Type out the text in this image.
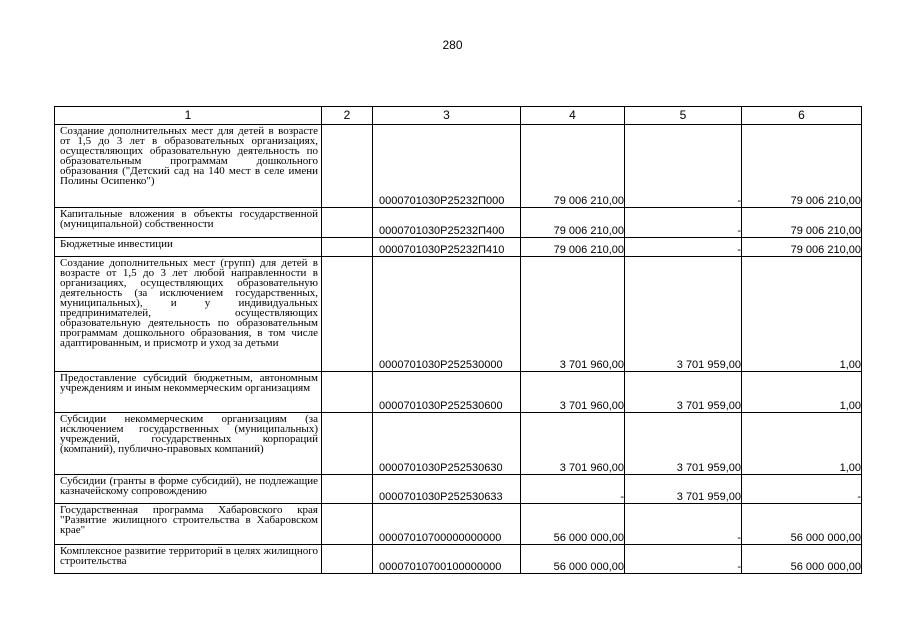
280
1	2	3	4	5	6
Создание дополнительных мест для детей в возрасте от 1,5 до 3 лет в образовательных организациях, осуществляющих образовательную деятельность по образовательным программам дошкольного образования ("Детский сад на 140 мест в селе имени Полины Осипенко")		0000701030P25232П000	79 006 210,00	-	79 006 210,00
Капитальные вложения в объекты государственной (муниципальной) собственности		0000701030P25232П400	79 006 210,00	-	79 006 210,00
Бюджетные инвестиции		0000701030P25232П410	79 006 210,00	-	79 006 210,00
Создание дополнительных мест (групп) для детей в возрасте от 1,5 до 3 лет любой направленности в организациях, осуществляющих образовательную деятельность (за исключением государственных, муниципальных), и у индивидуальных предпринимателей, осуществляющих образовательную деятельность по образовательным программам дошкольного образования, в том числе адаптированным, и присмотр и уход за детьми		0000701030P252530000	3 701 960,00	3 701 959,00	1,00
Предоставление субсидий бюджетным, автономным учреждениям и иным некоммерческим организациям		0000701030P252530600	3 701 960,00	3 701 959,00	1,00
Субсидии некоммерческим организациям (за исключением государственных (муниципальных) учреждений, государственных корпораций (компаний), публично-правовых компаний)		0000701030P252530630	3 701 960,00	3 701 959,00	1,00
Субсидии (гранты в форме субсидий), не подлежащие казначейскому сопровождению		0000701030P252530633	-	3 701 959,00	-
Государственная программа Хабаровского края "Развитие жилищного строительства в Хабаровском крае"		00007010700000000000	56 000 000,00	-	56 000 000,00
Комплексное развитие территорий в целях жилищного строительства		00007010700100000000	56 000 000,00	-	56 000 000,00
